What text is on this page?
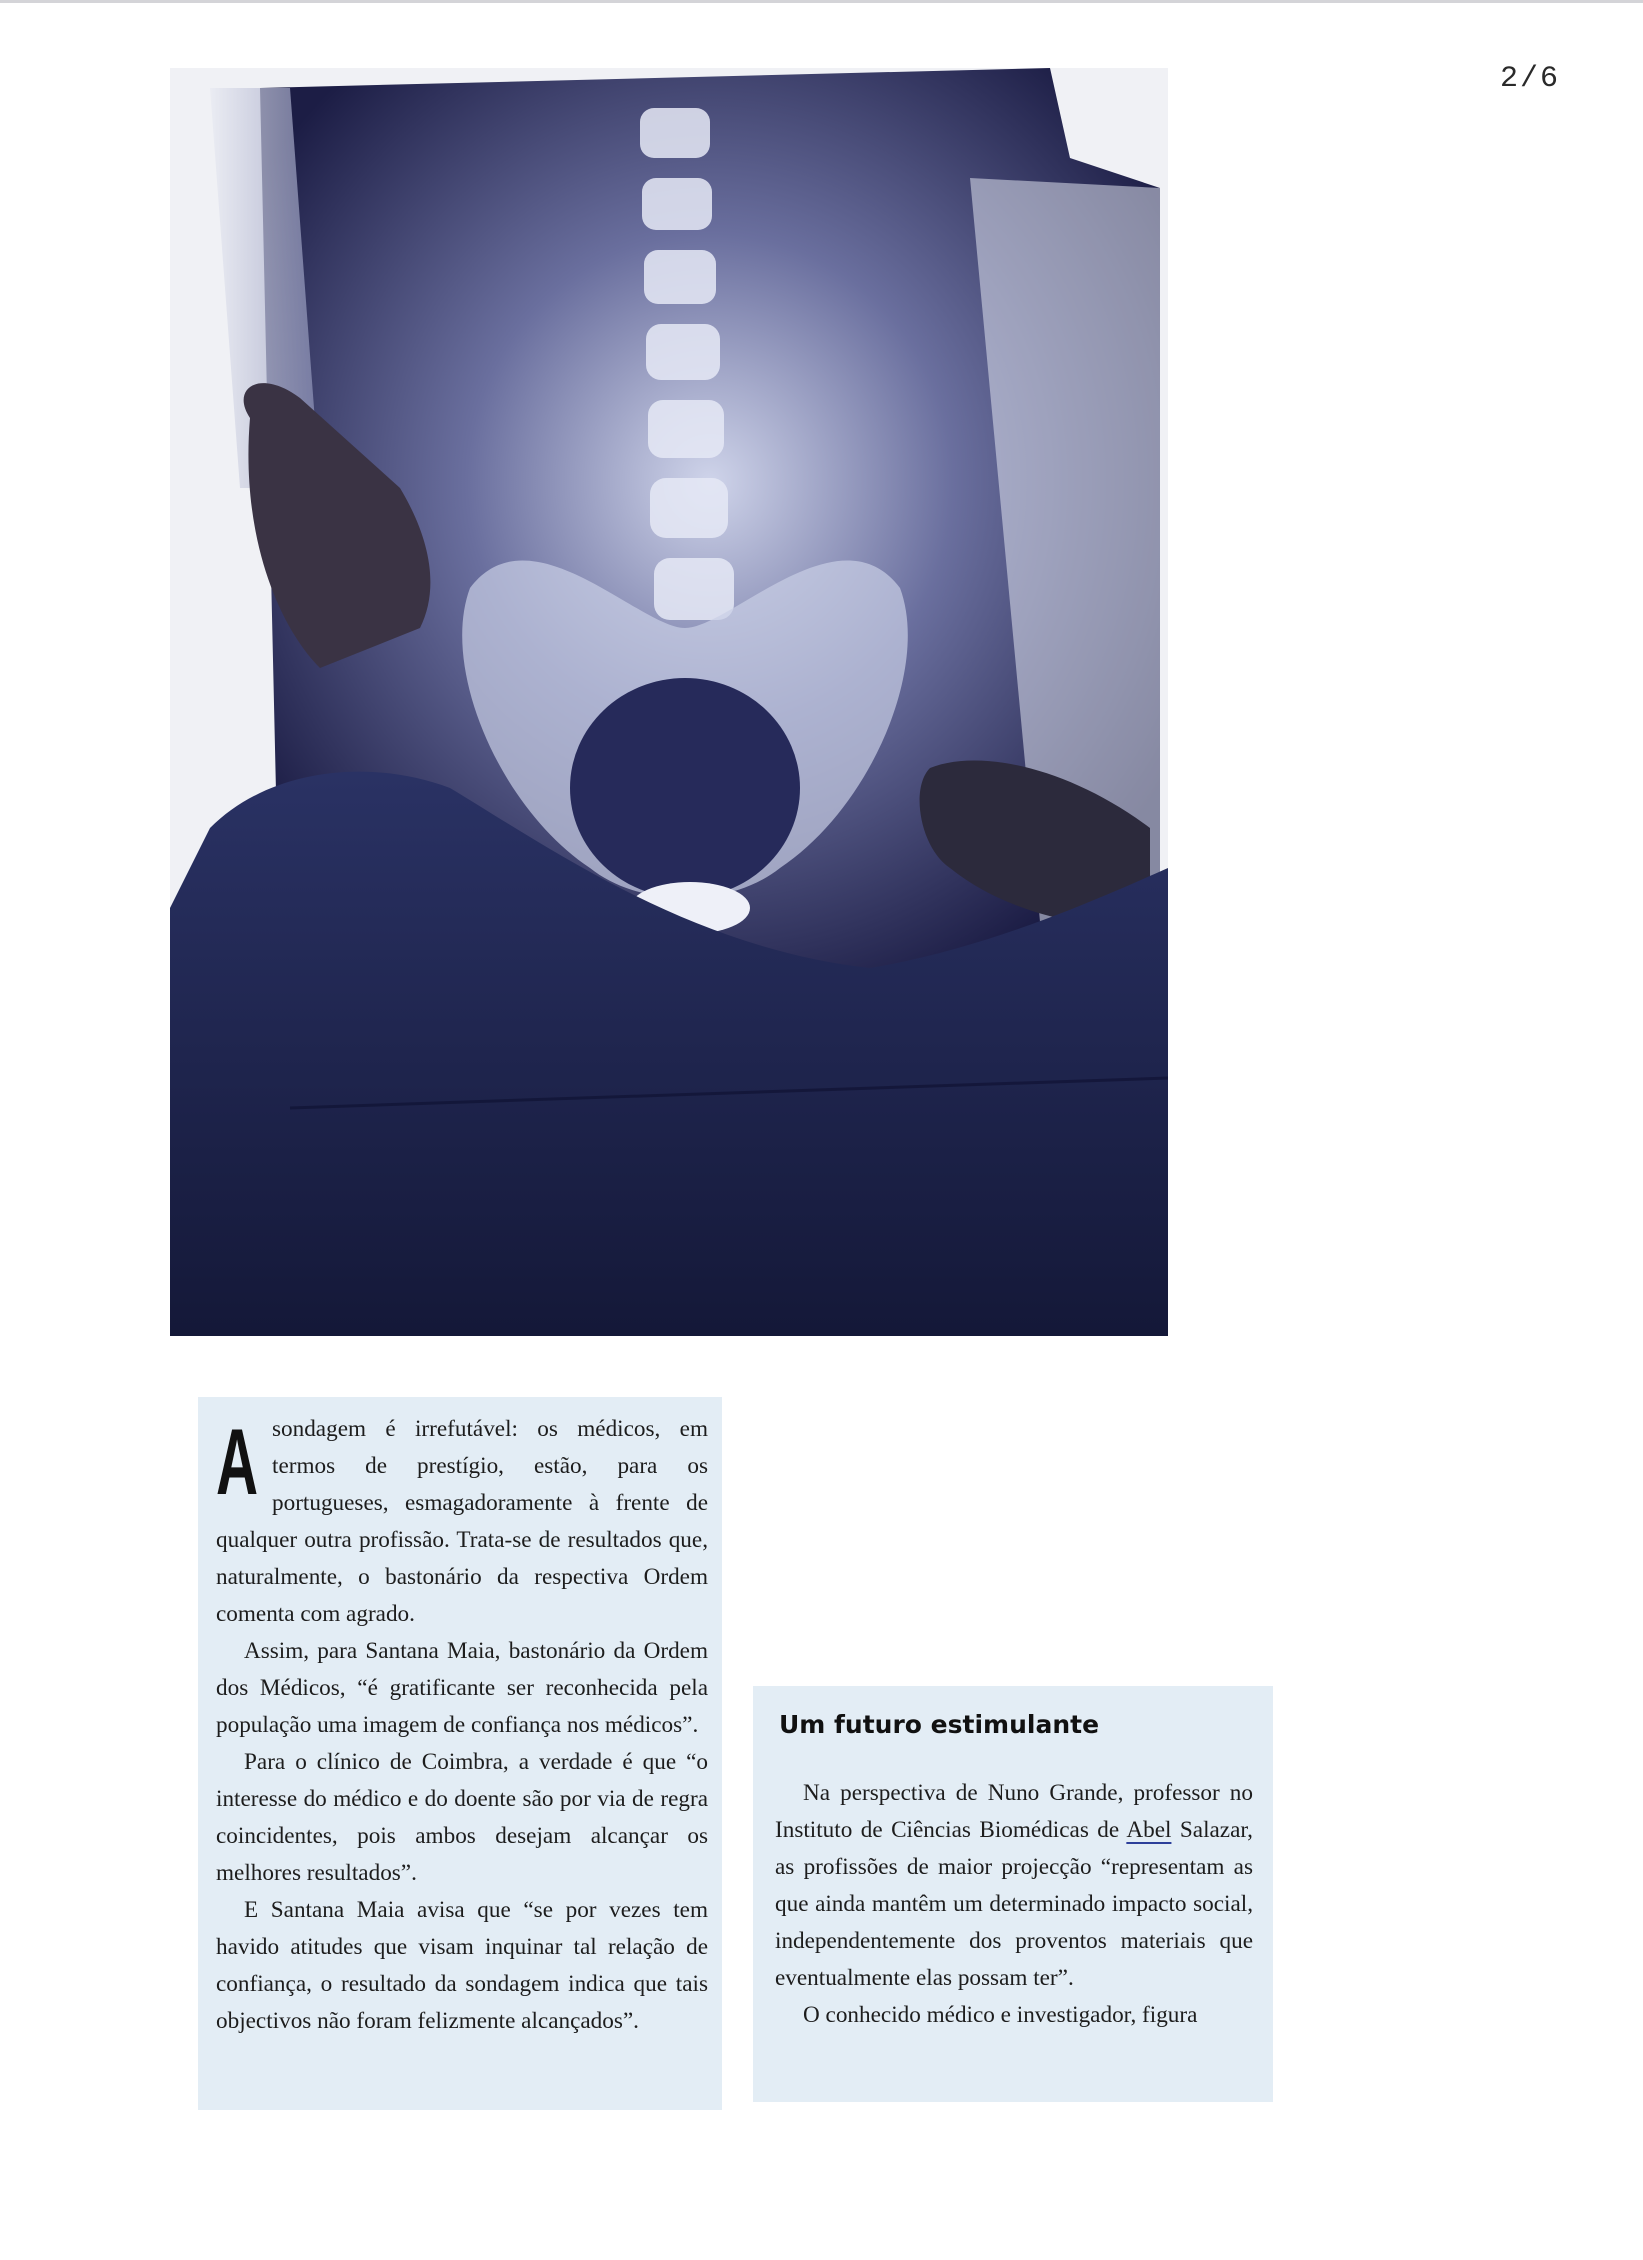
2/6
A sondagem é irrefutável: os médicos, em termos de prestígio, estão, para os portugueses, esmagadoramente à frente de qualquer outra profissão. Trata-se de resultados que, naturalmente, o bastonário da respectiva Ordem comenta com agrado.

Assim, para Santana Maia, bastonário da Ordem dos Médicos, “é gratificante ser reconhecida pela população uma imagem de confiança nos médicos”.

Para o clínico de Coimbra, a verdade é que “o interesse do médico e do doente são por via de regra coincidentes, pois ambos desejam alcançar os melhores resultados”.

E Santana Maia avisa que “se por vezes tem havido atitudes que visam inquinar tal relação de confiança, o resultado da sondagem indica que tais objectivos não foram felizmente alcançados”.

Um futuro estimulante

Na perspectiva de Nuno Grande, professor no Instituto de Ciências Biomédicas de Abel Salazar, as profissões de maior projecção “representam as que ainda mantêm um determinado impacto social, independentemente dos proventos materiais que eventualmente elas possam ter”.

O conhecido médico e investigador, figura
